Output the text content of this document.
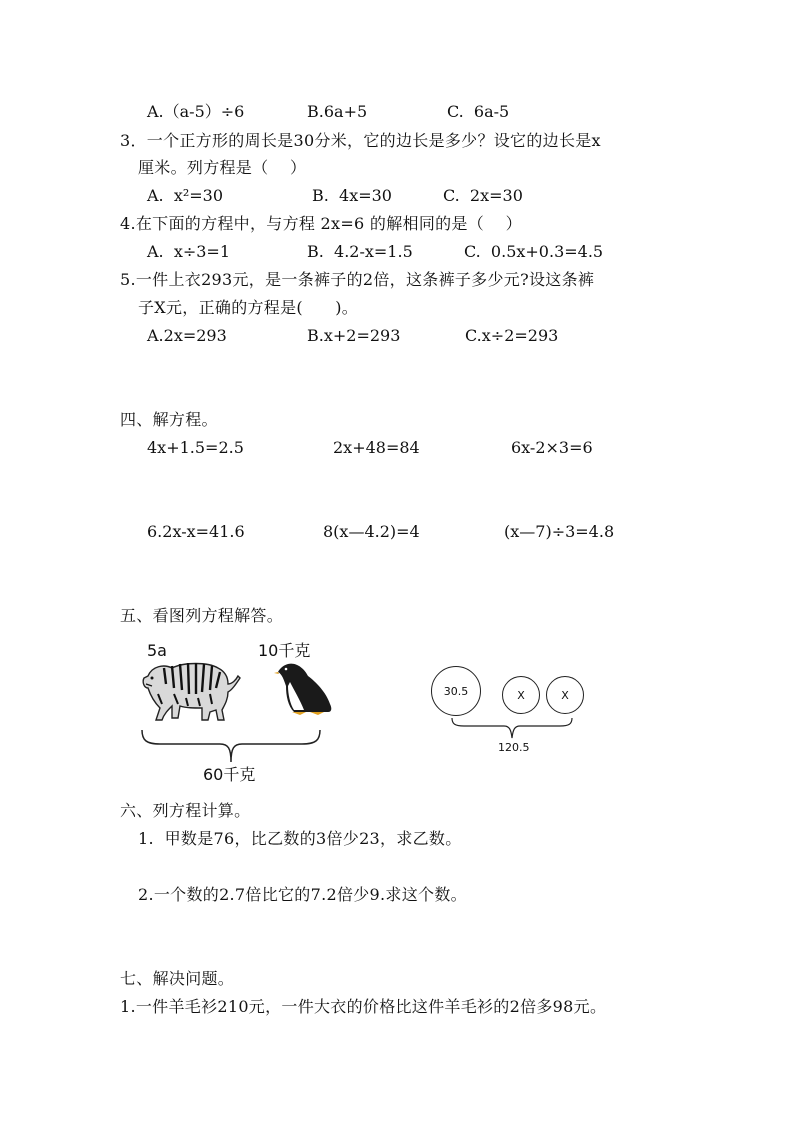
A.（a-5）÷6	B.6a+5	C.  6a-5
3．一个正方形的周长是30分米，它的边长是多少？设它的边长是x
厘米。列方程是（    ）
A.  x²=30	B.  4x=30	C.  2x=30
4.在下面的方程中，与方程 2x=6 的解相同的是（    ）
A.  x÷3=1	B.  4.2-x=1.5	C.  0.5x+0.3=4.5
5.一件上衣293元，是一条裤子的2倍，这条裤子多少元?设这条裤
子X元，正确的方程是(      )。
A.2x=293	B.x+2=293	C.x÷2=293
四、解方程。
4x+1.5=2.5	2x+48=84	6x-2×3=6
6.2x-x=41.6	8(x—4.2)=4	(x—7)÷3=4.8
五、看图列方程解答。
5a	10千克
60千克
30.5	X	X
120.5
六、列方程计算。
1.  甲数是76，比乙数的3倍少23，求乙数。
2.一个数的2.7倍比它的7.2倍少9.求这个数。
七、解决问题。
1.一件羊毛衫210元，一件大衣的价格比这件羊毛衫的2倍多98元。
